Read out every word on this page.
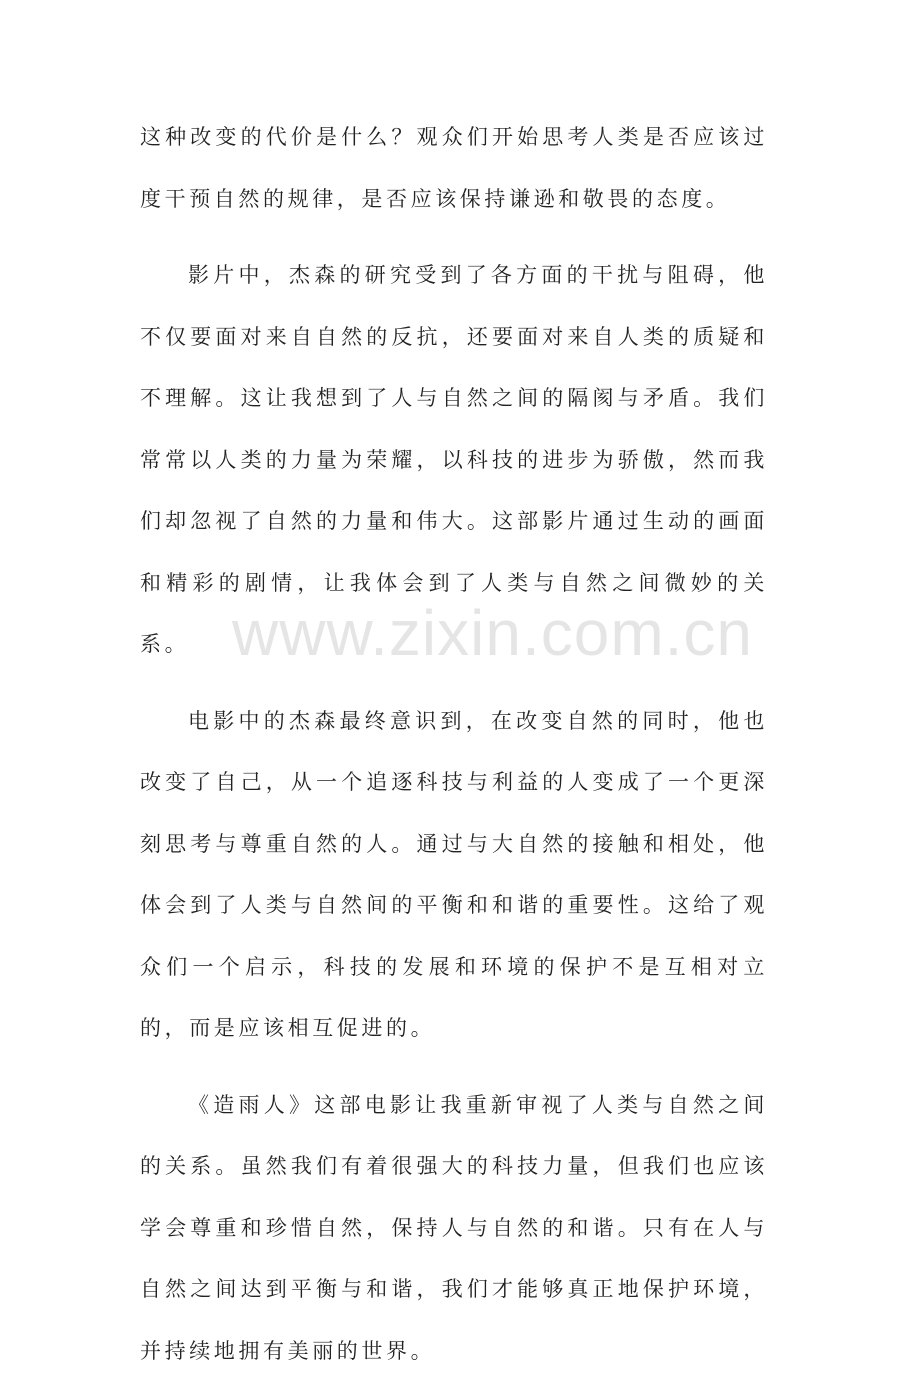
这种改变的代价是什么？观众们开始思考人类是否应该过度干预自然的规律，是否应该保持谦逊和敬畏的态度。

影片中，杰森的研究受到了各方面的干扰与阻碍，他不仅要面对来自自然的反抗，还要面对来自人类的质疑和不理解。这让我想到了人与自然之间的隔阂与矛盾。我们常常以人类的力量为荣耀，以科技的进步为骄傲，然而我们却忽视了自然的力量和伟大。这部影片通过生动的画面和精彩的剧情，让我体会到了人类与自然之间微妙的关系。

电影中的杰森最终意识到，在改变自然的同时，他也改变了自己，从一个追逐科技与利益的人变成了一个更深刻思考与尊重自然的人。通过与大自然的接触和相处，他体会到了人类与自然间的平衡和和谐的重要性。这给了观众们一个启示，科技的发展和环境的保护不是互相对立的，而是应该相互促进的。

《造雨人》这部电影让我重新审视了人类与自然之间的关系。虽然我们有着很强大的科技力量，但我们也应该学会尊重和珍惜自然，保持人与自然的和谐。只有在人与自然之间达到平衡与和谐，我们才能够真正地保护环境，并持续地拥有美丽的世界。

www.zixin.com.cn
